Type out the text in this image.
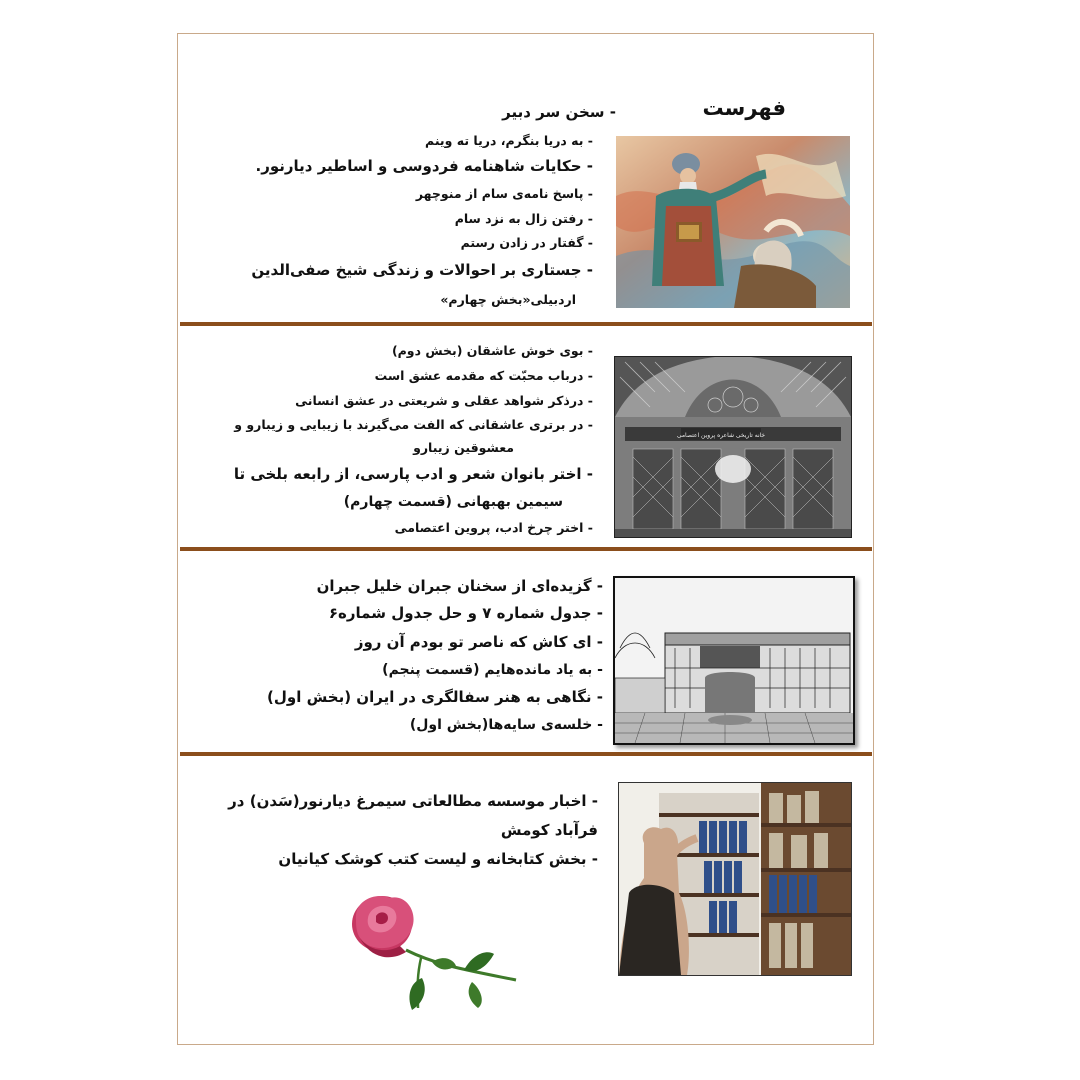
فهرست
- سخن سر دبیر
- به دریا بنگرم، دریا ته وینم
- حکایات شاهنامه فردوسی و اساطیر دیارنور.
- پاسخ نامه‌ی سام از منوچهر
- رفتن زال به نزد سام
- گفتار در زادن رستم
- جستاری بر احوالات و زندگی شیخ صفی‌الدین
اردبیلی«بخش چهارم»
- بوی خوش عاشقان (بخش دوم)
- درباب محبّت که مقدمه عشق است
- درذکر شواهد عقلی و شریعتی در عشق انسانی
- در برتری عاشقانی که الفت می‌گیرند با زیبایی و زیبارو و
معشوقین زیبارو
- اختر بانوان شعر و ادب پارسی، از رابعه بلخی تا
سیمین بهبهانی (قسمت چهارم)
- اختر چرخ ادب، پروین اعتصامی
خانه تاریخی شاعره پروین اعتصامی
- گزیده‌ای از سخنان جبران خلیل جبران
- جدول شماره ۷ و حل جدول شماره۶
- ای کاش که ناصر تو بودم آن روز
- به یاد مانده‌هایم (قسمت پنجم)
- نگاهی به هنر سفالگری در ایران (بخش اول)
- خلسه‌ی سایه‌ها(بخش اول)
- اخبار موسسه مطالعاتی سیمرغ دیارنور(سَدن) در
فرآباد کومش
- بخش کتابخانه و لیست کتب کوشک کیانیان
